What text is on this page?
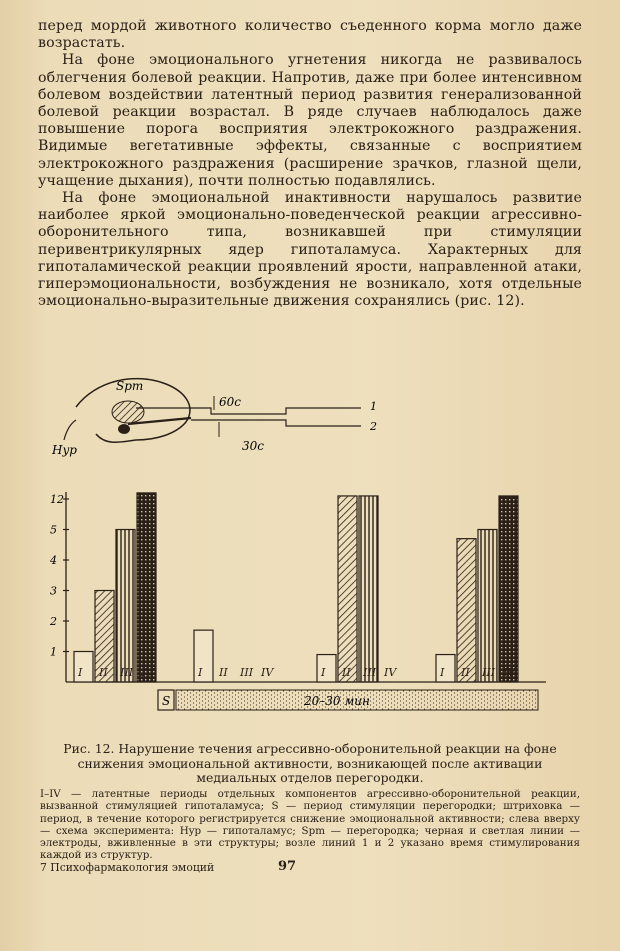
перед мордой животного количество съеденного корма могло даже возрастать.

На фоне эмоционального угнетения никогда не развивалось облегчения болевой реакции. Напротив, даже при более интенсивном болевом воздействии латентный период развития генерализованной болевой реакции возрастал. В ряде случаев наблюдалось даже повышение порога восприятия электрокожного раздражения. Видимые вегетативные эффекты, связанные с восприятием электрокожного раздражения (расширение зрачков, глазной щели, учащение дыхания), почти полностью подавлялись.

На фоне эмоциональной инактивности нарушалось развитие наиболее яркой эмоционально-поведенческой реакции агрессивно-оборонительного типа, возникавшей при стимуляции перивентрикулярных ядер гипоталамуса. Характерных для гипоталамической реакции проявлений ярости, направленной атаки, гиперэмоциональности, возбуждения не возникало, хотя отдельные эмоционально-выразительные движения сохранялись (рис. 12).

Spm
Hyp
60с
30с
1
2
1
2
3
4
5
12
I II III IV	I II III IV	I II III IV	I II III IV
S	20–30 мин
Рис. 12. Нарушение течения агрессивно-оборонительной реакции на фоне снижения эмоциональной активности, возникающей после активации медиальных отделов перегородки.
I–IV — латентные периоды отдельных компонентов агрессивно-оборонительной реакции, вызванной стимуляцией гипоталамуса; S — период стимуляции перегородки; штриховка — период, в течение которого регистрируется снижение эмоциональной активности; слева вверху — схема эксперимента: Hyp — гипоталамус; Spm — перегородка; черная и светлая линии — электроды, вживленные в эти структуры; возле линий 1 и 2 указано время стимулирования каждой из структур.
7 Психофармакология эмоций	97
